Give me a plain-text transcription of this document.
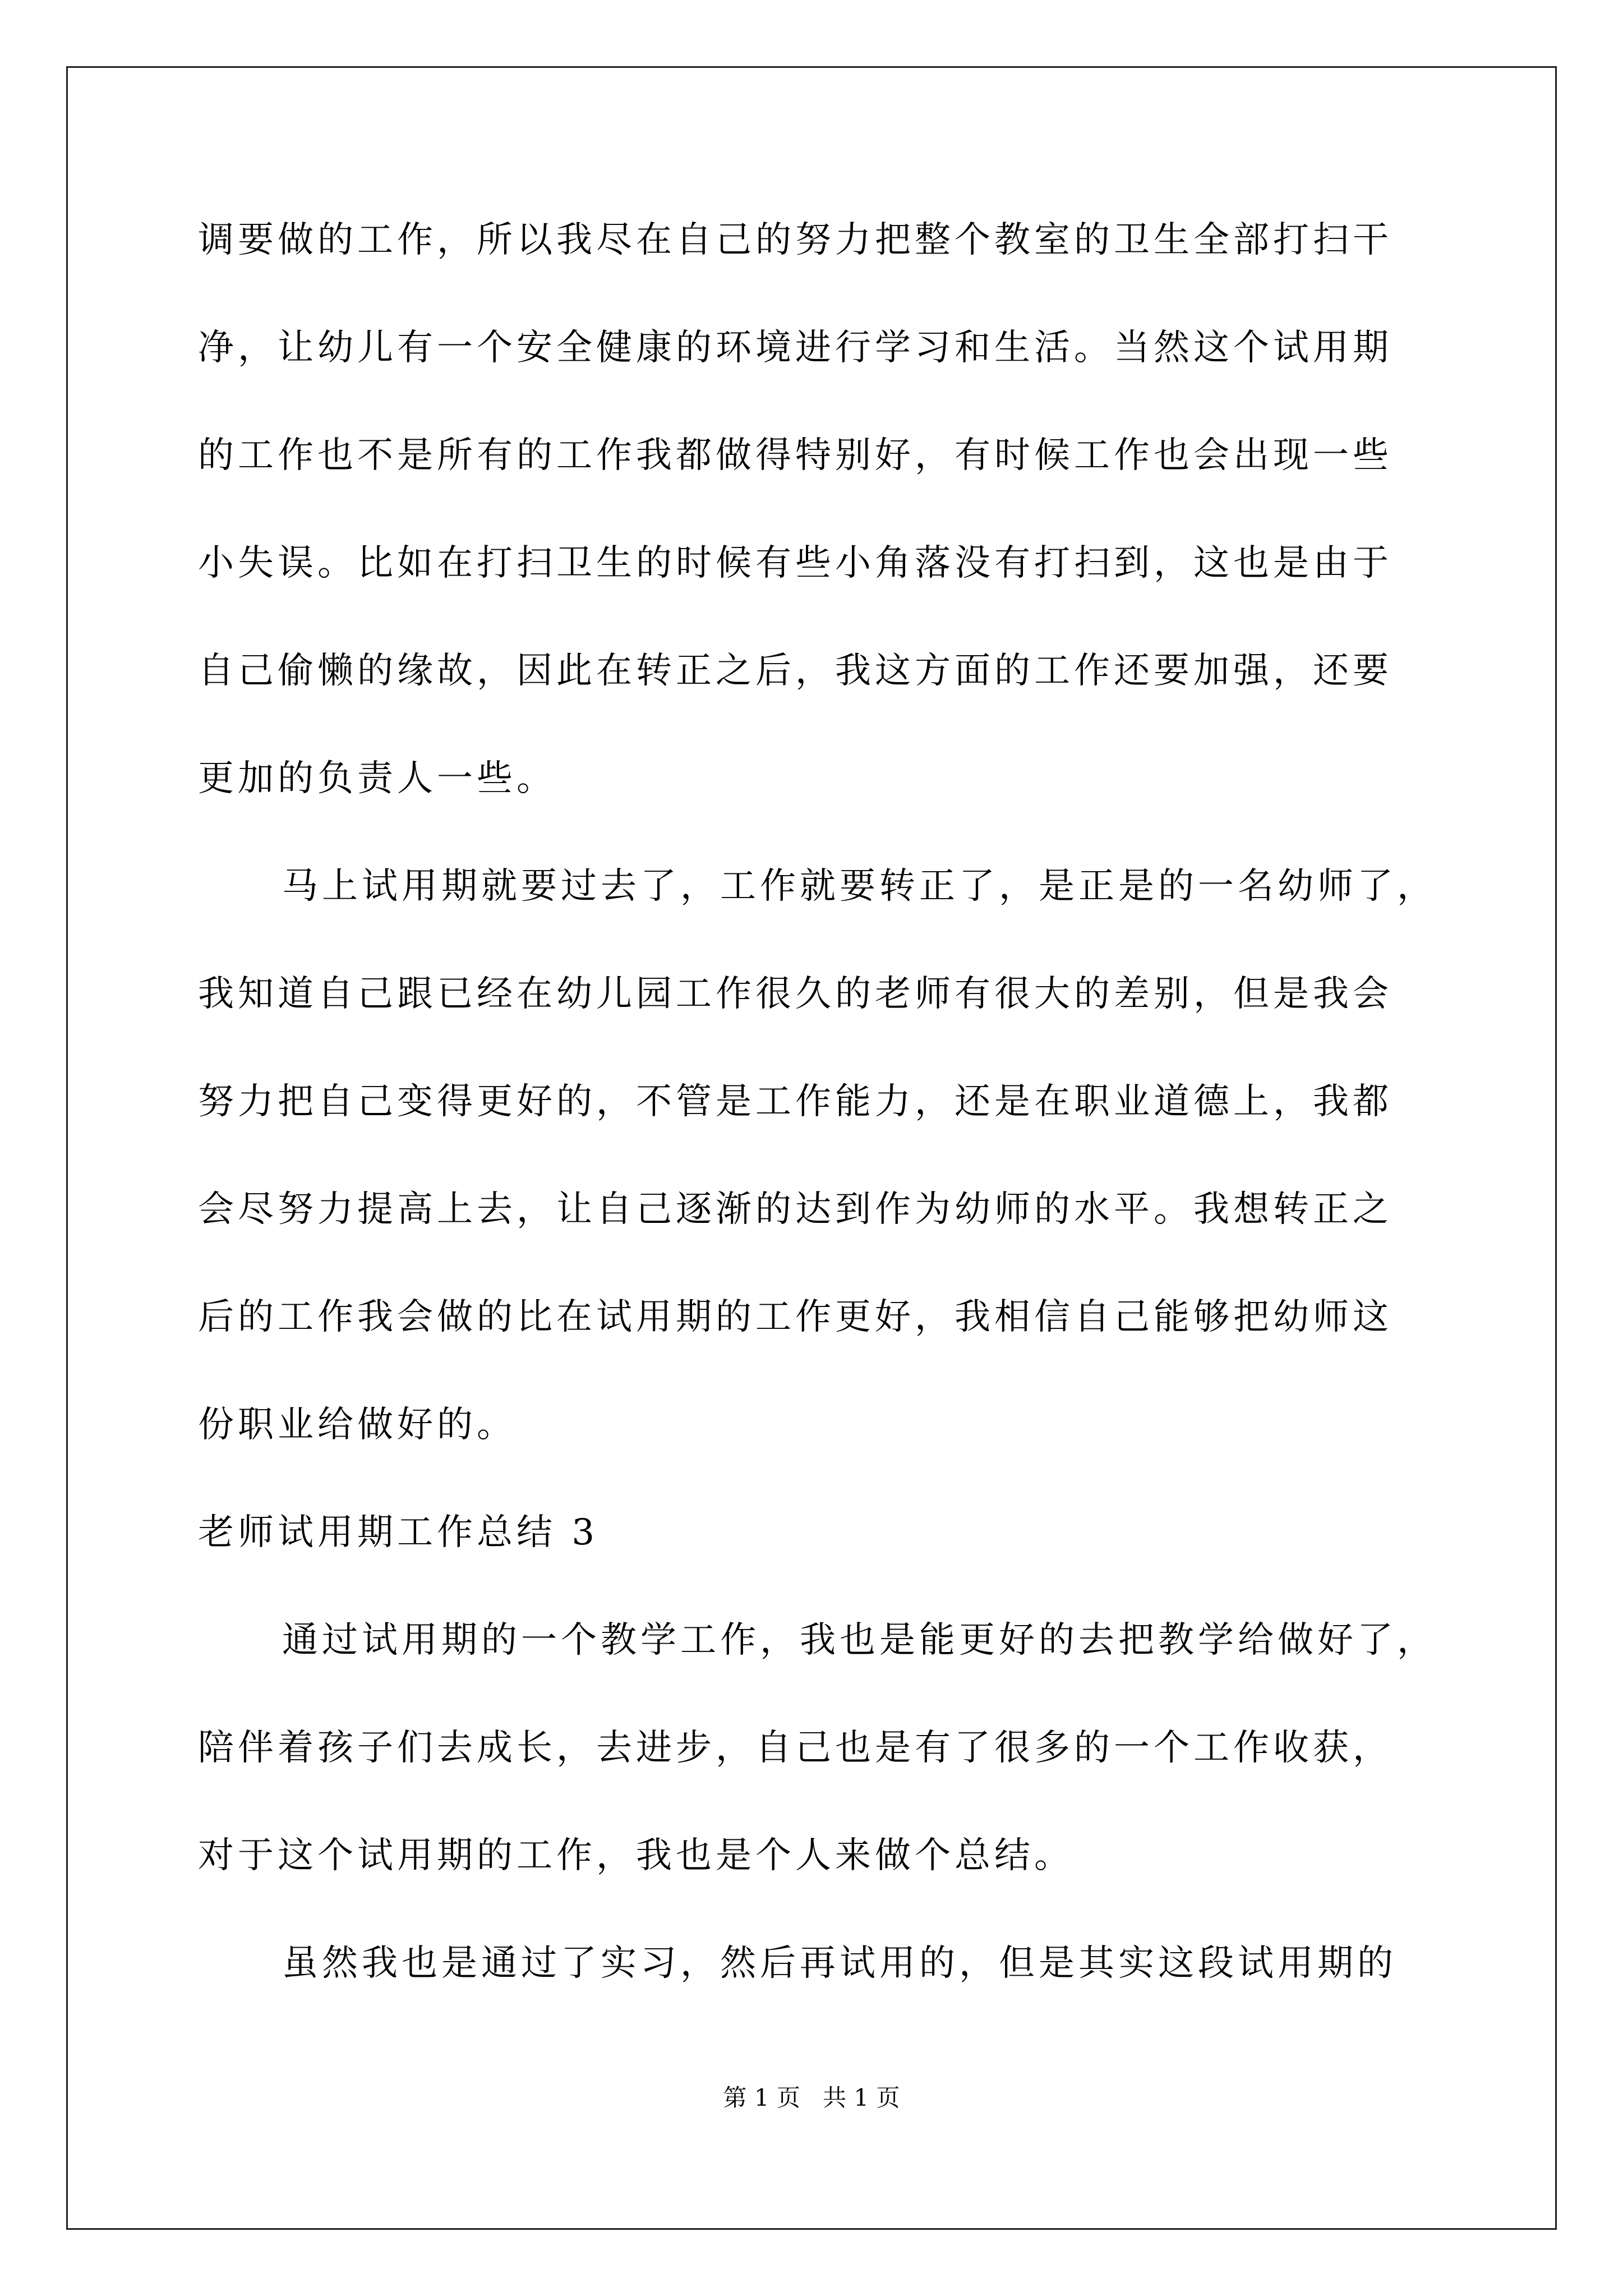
调要做的工作，所以我尽在自己的努力把整个教室的卫生全部打扫干
净，让幼儿有一个安全健康的环境进行学习和生活。当然这个试用期
的工作也不是所有的工作我都做得特别好，有时候工作也会出现一些
小失误。比如在打扫卫生的时候有些小角落没有打扫到，这也是由于
自己偷懒的缘故，因此在转正之后，我这方面的工作还要加强，还要
更加的负责人一些。
马上试用期就要过去了，工作就要转正了，是正是的一名幼师了，
我知道自己跟已经在幼儿园工作很久的老师有很大的差别，但是我会
努力把自己变得更好的，不管是工作能力，还是在职业道德上，我都
会尽努力提高上去，让自己逐渐的达到作为幼师的水平。我想转正之
后的工作我会做的比在试用期的工作更好，我相信自己能够把幼师这
份职业给做好的。
老师试用期工作总结 3
通过试用期的一个教学工作，我也是能更好的去把教学给做好了，
陪伴着孩子们去成长，去进步，自己也是有了很多的一个工作收获，
对于这个试用期的工作，我也是个人来做个总结。
虽然我也是通过了实习，然后再试用的，但是其实这段试用期的
第 1 页   共 1 页
